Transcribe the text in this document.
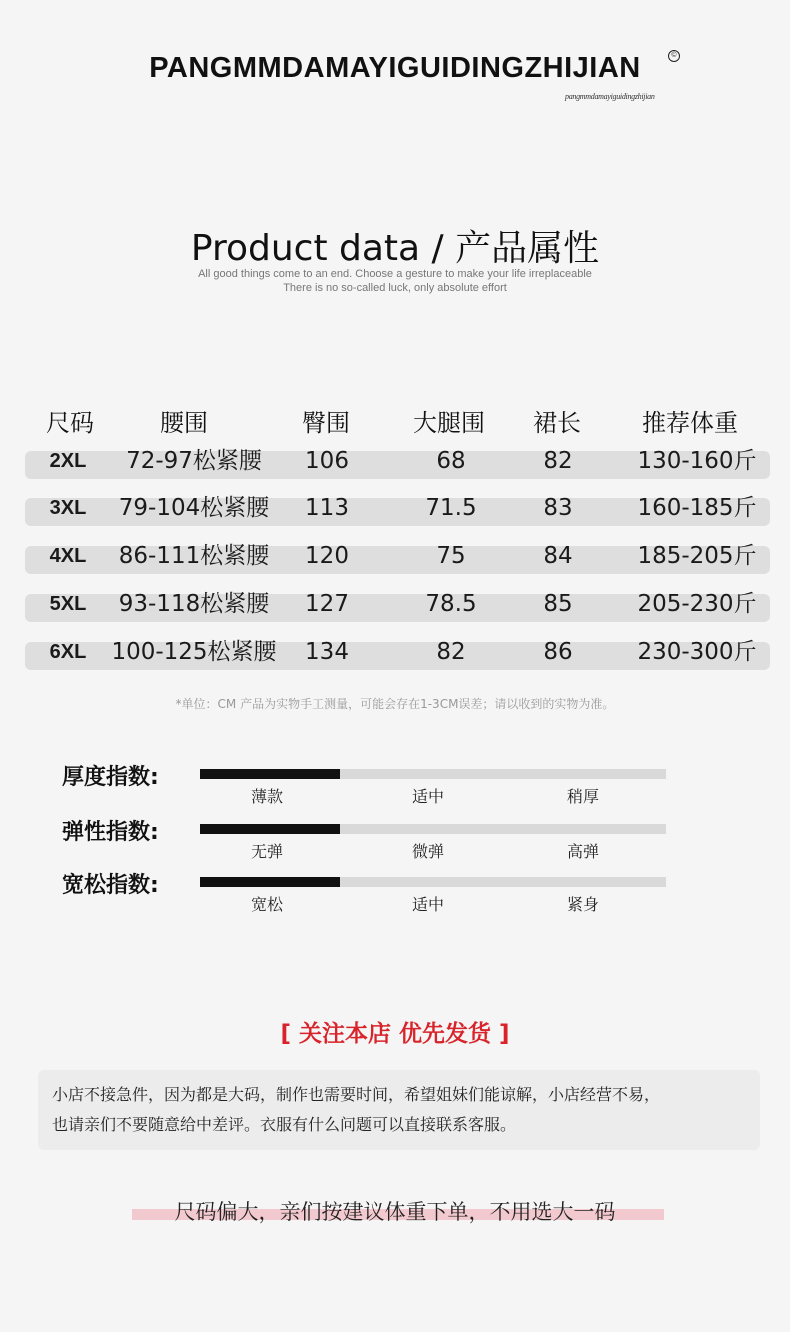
PANGMMDAMAYIGUIDINGZHIJIAN	©
pangmmdamayiguidingzhijian
Product data / 产品属性
All good things come to an end. Choose a gesture to make your life irreplaceable
There is no so-called luck, only absolute effort
尺码	腰围	臀围	大腿围 裙长	推荐体重
2XL 72-97松紧腰 106	68	82	130-160斤
3XL 79-104松紧腰 113	71.5	83	160-185斤
4XL 86-111松紧腰 120	75	84	185-205斤
5XL 93-118松紧腰 127	78.5	85	205-230斤
6XL 100-125松紧腰 134	82	86	230-300斤
*单位：CM 产品为实物手工测量，可能会存在1-3CM误差；请以收到的实物为准。
厚度指数:
薄款	适中	稍厚
弹性指数:
无弹	微弹	高弹
宽松指数:
宽松	适中	紧身
[ 关注本店 优先发货 ]
小店不接急件，因为都是大码，制作也需要时间，希望姐妹们能谅解，小店经营不易，
也请亲们不要随意给中差评。衣服有什么问题可以直接联系客服。
尺码偏大，亲们按建议体重下单，不用选大一码
